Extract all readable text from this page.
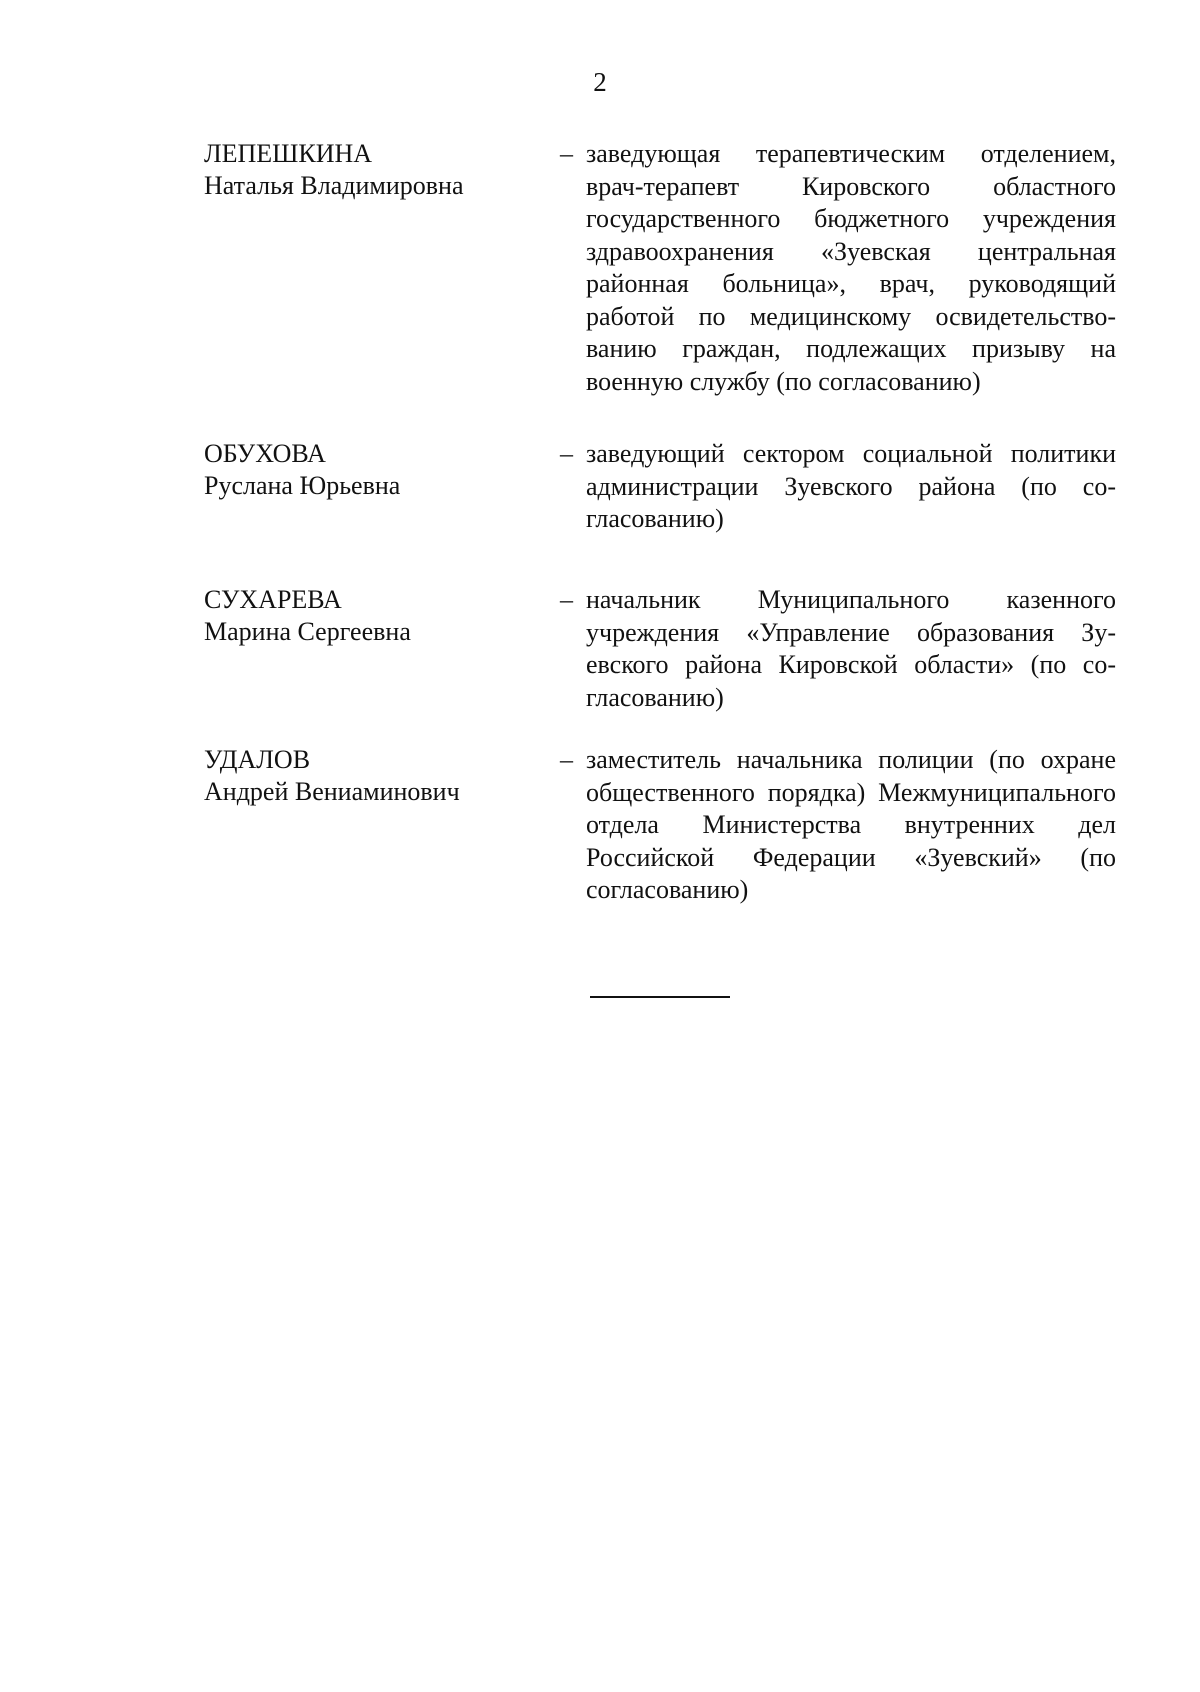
2
ЛЕПЕШКИНА
Наталья Владимировна
– заведующая терапевтическим отделением, врач-терапевт Кировского областного государственного бюджетного учреждения здравоохранения «Зуевская центральная районная больница», врач, руководящий работой по медицинскому освидетельствованию граждан, подлежащих призыву на военную службу (по согласованию)
ОБУХОВА
Руслана Юрьевна
– заведующий сектором социальной политики администрации Зуевского района (по согласованию)
СУХАРЕВА
Марина Сергеевна
– начальник Муниципального казенного учреждения «Управление образования Зуевского района Кировской области» (по согласованию)
УДАЛОВ
Андрей Вениаминович
– заместитель начальника полиции (по охране общественного порядка) Межмуниципального отдела Министерства внутренних дел Российской Федерации «Зуевский» (по согласованию)
